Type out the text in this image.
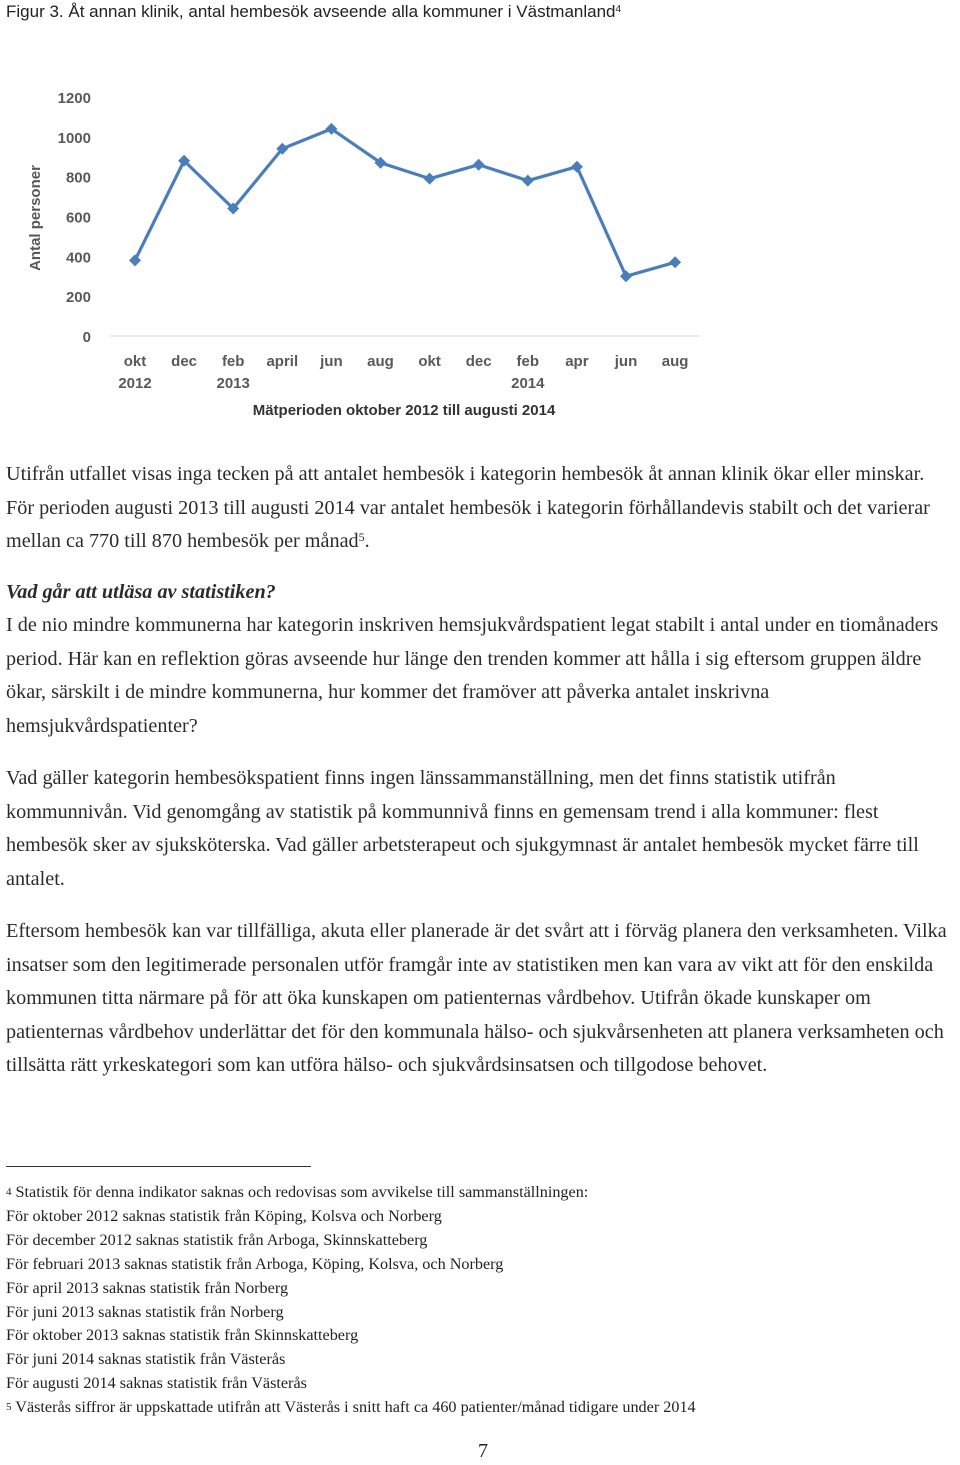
Figur 3. Åt annan klinik, antal hembesök avseende alla kommuner i Västmanland$^4$
0
200
400
600
800
1000
1200
Antal personer
okt
2012
dec feb
2013
april jun aug okt dec feb
2014
apr jun aug
Mätperioden oktober 2012 till augusti 2014

Utifrån utfallet visas inga tecken på att antalet hembesök i kategorin hembesök åt annan klinik ökar eller minskar. För perioden augusti 2013 till augusti 2014 var antalet hembesök i kategorin förhållandevis stabilt och det varierar mellan ca 770 till 870 hembesök per månad$^5$.

Vad går att utläsa av statistiken?

I de nio mindre kommunerna har kategorin inskriven hemsjukvårdspatient legat stabilt i antal under en tiomånaders period. Här kan en reflektion göras avseende hur länge den trenden kommer att hålla i sig eftersom gruppen äldre ökar, särskilt i de mindre kommunerna, hur kommer det framöver att påverka antalet inskrivna hemsjukvårdspatienter?

Vad gäller kategorin hembesökspatient finns ingen länssammanställning, men det finns statistik utifrån kommunnivån. Vid genomgång av statistik på kommunnivå finns en gemensam trend i alla kommuner: flest hembesök sker av sjuksköterska. Vad gäller arbetsterapeut och sjukgymnast är antalet hembesök mycket färre till antalet.

Eftersom hembesök kan var tillfälliga, akuta eller planerade är det svårt att i förväg planera den verksamheten. Vilka insatser som den legitimerade personalen utför framgår inte av statistiken men kan vara av vikt att för den enskilda kommunen titta närmare på för att öka kunskapen om patienternas vårdbehov. Utifrån ökade kunskaper om patienternas vårdbehov underlättar det för den kommunala hälso- och sjukvårsenheten att planera verksamheten och tillsätta rätt yrkeskategori som kan utföra hälso- och sjukvårdsinsatsen och tillgodose behovet.

$^4$ Statistik för denna indikator saknas och redovisas som avvikelse till sammanställningen:
För oktober 2012 saknas statistik från Köping, Kolsva och Norberg
För december 2012 saknas statistik från Arboga, Skinnskatteberg
För februari 2013 saknas statistik från Arboga, Köping, Kolsva, och Norberg
För april 2013 saknas statistik från Norberg
För juni 2013 saknas statistik från Norberg
För oktober 2013 saknas statistik från Skinnskatteberg
För juni 2014 saknas statistik från Västerås
För augusti 2014 saknas statistik från Västerås
$^5$ Västerås siffror är uppskattade utifrån att Västerås i snitt haft ca 460 patienter/månad tidigare under 2014
7
